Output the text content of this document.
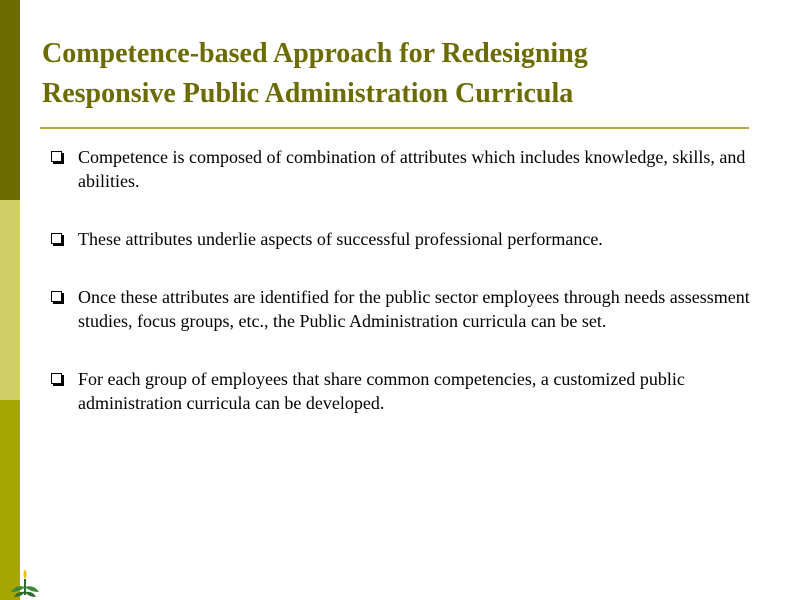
Competence-based Approach for Redesigning
Responsive Public Administration Curricula
Competence is composed of combination of attributes which includes knowledge, skills, and abilities.
These attributes underlie aspects of successful professional performance.
Once these attributes are identified for the public sector employees through needs assessment studies, focus groups, etc., the Public Administration curricula can be set.
For each group of employees that share common competencies, a customized public administration curricula can be developed.
